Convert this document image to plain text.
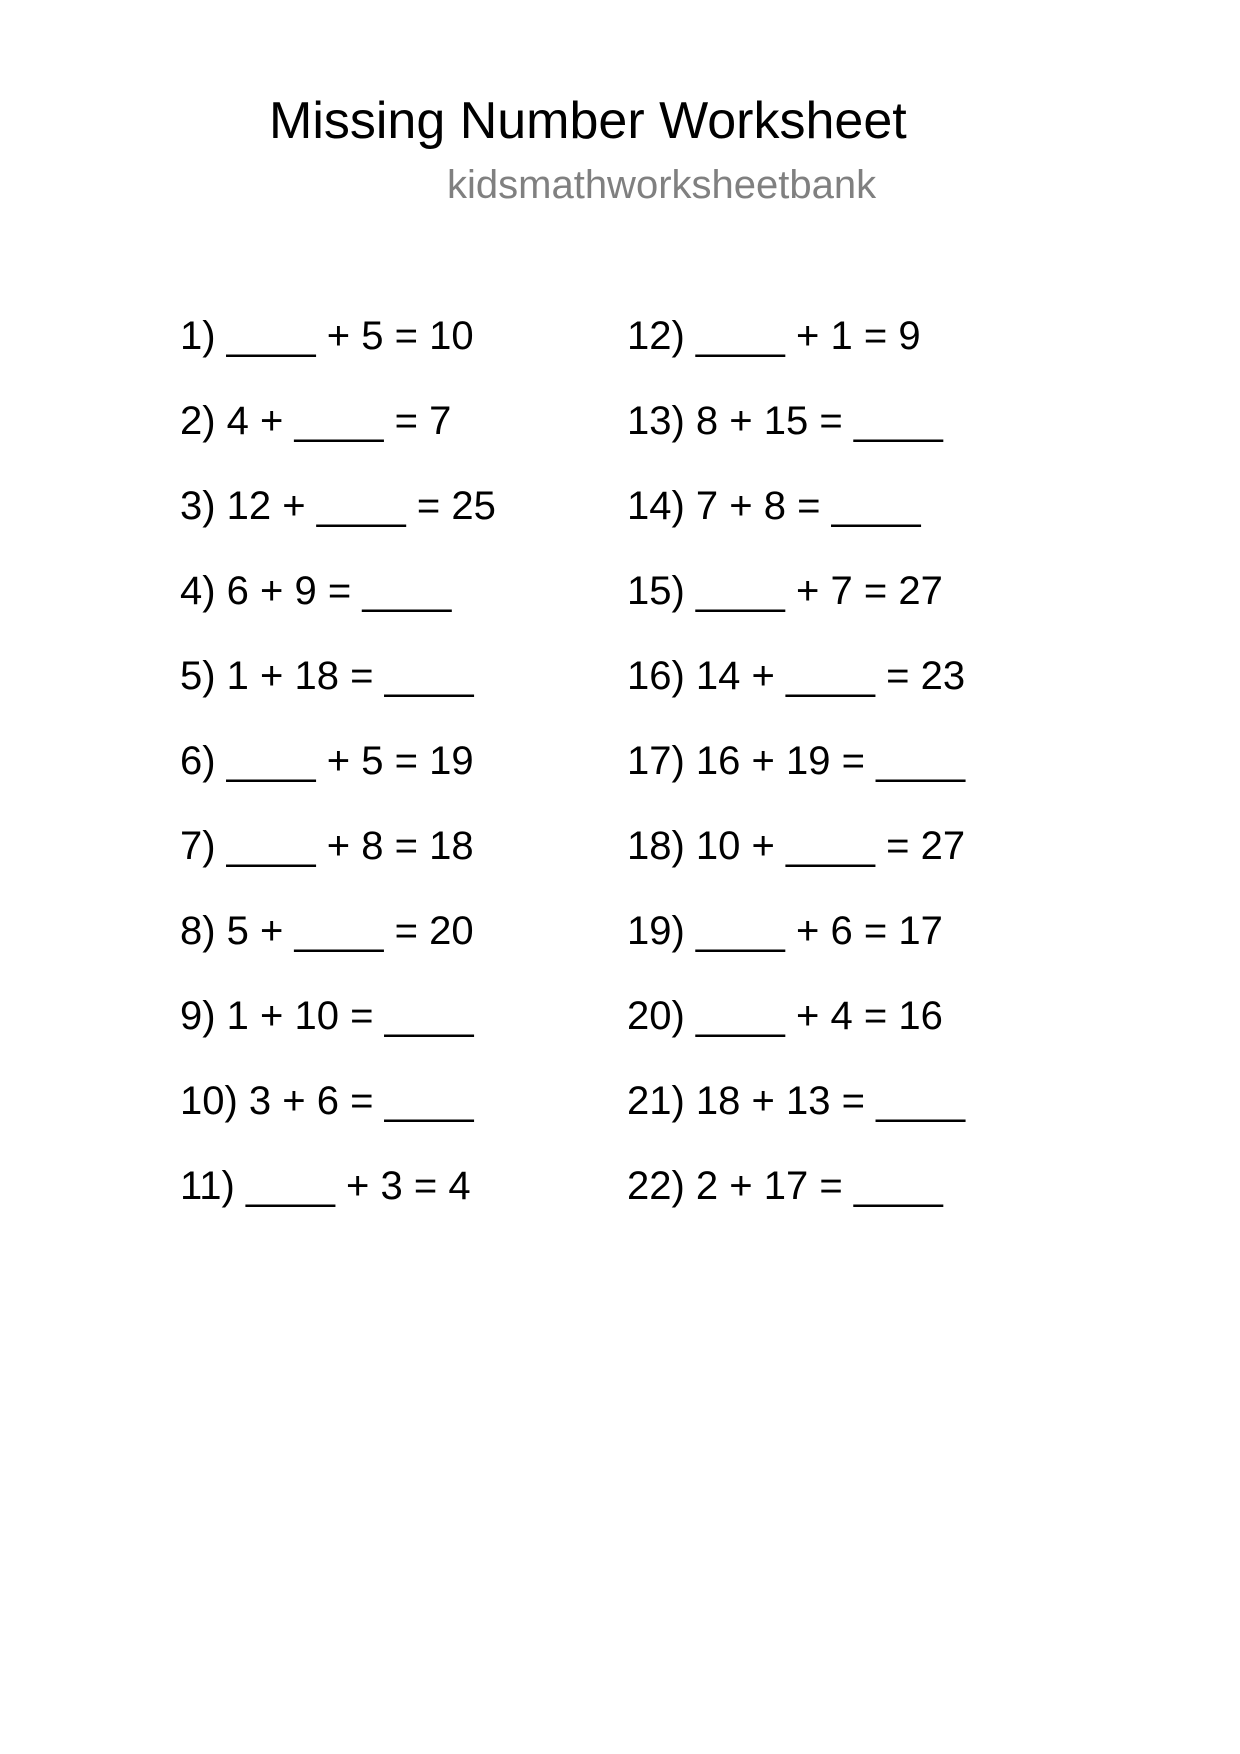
Missing Number Worksheet
kidsmathworksheetbank
1) ____ + 5 = 10
2) 4 + ____ = 7
3) 12 + ____ = 25
4) 6 + 9 = ____
5) 1 + 18 = ____
6) ____ + 5 = 19
7) ____ + 8 = 18
8) 5 + ____ = 20
9) 1 + 10 = ____
10) 3 + 6 = ____
11) ____ + 3 = 4
12) ____ + 1 = 9
13) 8 + 15 = ____
14) 7 + 8 = ____
15) ____ + 7 = 27
16) 14 + ____ = 23
17) 16 + 19 = ____
18) 10 + ____ = 27
19) ____ + 6 = 17
20) ____ + 4 = 16
21) 18 + 13 = ____
22) 2 + 17 = ____
